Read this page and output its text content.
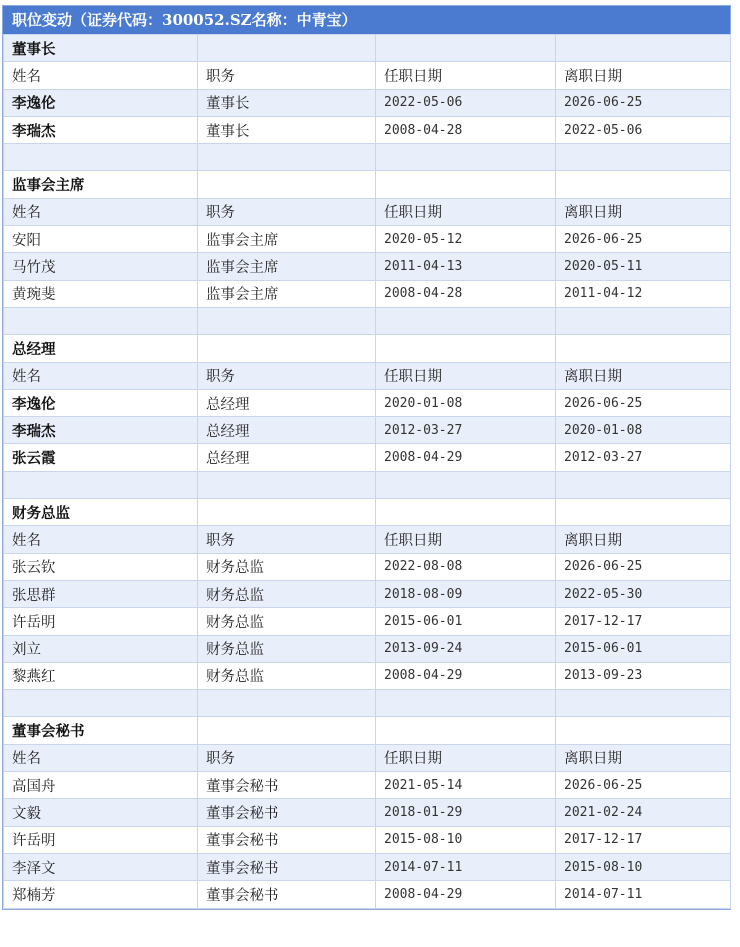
职位变动（证券代码：300052.SZ名称：中青宝）
董事长			
姓名	职务	任职日期	离职日期
李逸伦	董事长	2022-05-06	2026-06-25
李瑞杰	董事长	2008-04-28	2022-05-06

监事会主席			
姓名	职务	任职日期	离职日期
安阳	监事会主席	2020-05-12	2026-06-25
马竹茂	监事会主席	2011-04-13	2020-05-11
黄琬斐	监事会主席	2008-04-28	2011-04-12

总经理			
姓名	职务	任职日期	离职日期
李逸伦	总经理	2020-01-08	2026-06-25
李瑞杰	总经理	2012-03-27	2020-01-08
张云霞	总经理	2008-04-29	2012-03-27

财务总监			
姓名	职务	任职日期	离职日期
张云钦	财务总监	2022-08-08	2026-06-25
张思群	财务总监	2018-08-09	2022-05-30
许岳明	财务总监	2015-06-01	2017-12-17
刘立	财务总监	2013-09-24	2015-06-01
黎燕红	财务总监	2008-04-29	2013-09-23

董事会秘书			
姓名	职务	任职日期	离职日期
高国舟	董事会秘书	2021-05-14	2026-06-25
文毅	董事会秘书	2018-01-29	2021-02-24
许岳明	董事会秘书	2015-08-10	2017-12-17
李泽文	董事会秘书	2014-07-11	2015-08-10
郑楠芳	董事会秘书	2008-04-29	2014-07-11
